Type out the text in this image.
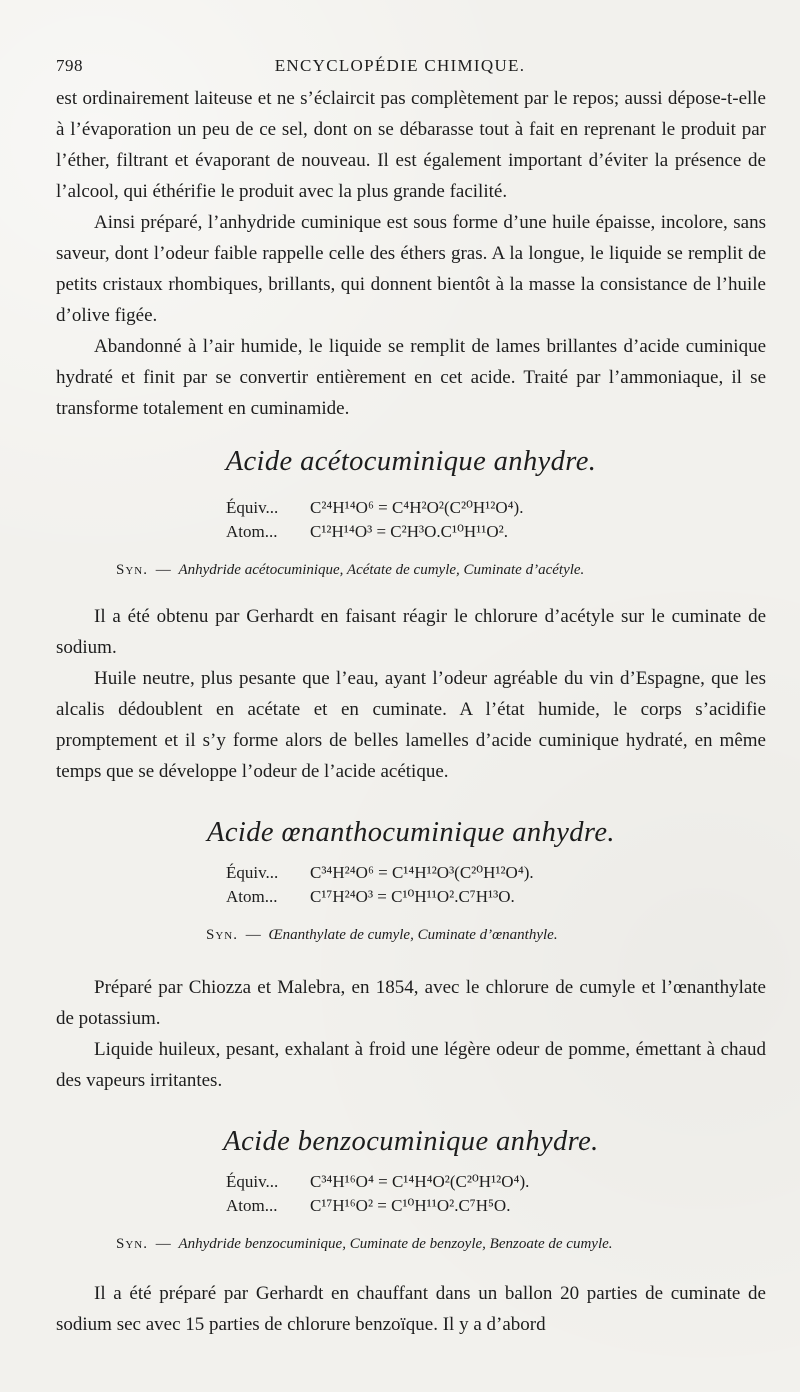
798	ENCYCLOPÉDIE CHIMIQUE.

est ordinairement laiteuse et ne s’éclaircit pas complètement par le repos; aussi dépose-t-elle à l’évaporation un peu de ce sel, dont on se débarasse tout à fait en reprenant le produit par l’éther, filtrant et évaporant de nouveau. Il est également important d’éviter la présence de l’alcool, qui éthérifie le produit avec la plus grande facilité.

Ainsi préparé, l’anhydride cuminique est sous forme d’une huile épaisse, incolore, sans saveur, dont l’odeur faible rappelle celle des éthers gras. A la longue, le liquide se remplit de petits cristaux rhombiques, brillants, qui donnent bientôt à la masse la consistance de l’huile d’olive figée.

Abandonné à l’air humide, le liquide se remplit de lames brillantes d’acide cuminique hydraté et finit par se convertir entièrement en cet acide. Traité par l’ammoniaque, il se transforme totalement en cuminamide.

Acide acétocuminique anhydre.
Équiv...	C²⁴H¹⁴O⁶ = C⁴H²O²(C²⁰H¹²O⁴).
Atom...	C¹²H¹⁴O³ = C²H³O.C¹⁰H¹¹O².
Syn. — Anhydride acétocuminique, Acétate de cumyle, Cuminate d’acétyle.

Il a été obtenu par Gerhardt en faisant réagir le chlorure d’acétyle sur le cuminate de sodium.

Huile neutre, plus pesante que l’eau, ayant l’odeur agréable du vin d’Espagne, que les alcalis dédoublent en acétate et en cuminate. A l’état humide, le corps s’acidifie promptement et il s’y forme alors de belles lamelles d’acide cuminique hydraté, en même temps que se développe l’odeur de l’acide acétique.

Acide œnanthocuminique anhydre.
Équiv...	C³⁴H²⁴O⁶ = C¹⁴H¹²O³(C²⁰H¹²O⁴).
Atom...	C¹⁷H²⁴O³ = C¹⁰H¹¹O².C⁷H¹³O.
Syn. — Œnanthylate de cumyle, Cuminate d’œnanthyle.

Préparé par Chiozza et Malebra, en 1854, avec le chlorure de cumyle et l’œnanthylate de potassium.

Liquide huileux, pesant, exhalant à froid une légère odeur de pomme, émettant à chaud des vapeurs irritantes.

Acide benzocuminique anhydre.
Équiv...	C³⁴H¹⁶O⁴ = C¹⁴H⁴O²(C²⁰H¹²O⁴).
Atom...	C¹⁷H¹⁶O² = C¹⁰H¹¹O².C⁷H⁵O.
Syn. — Anhydride benzocuminique, Cuminate de benzoyle, Benzoate de cumyle.

Il a été préparé par Gerhardt en chauffant dans un ballon 20 parties de cuminate de sodium sec avec 15 parties de chlorure benzoïque. Il y a d’abord
